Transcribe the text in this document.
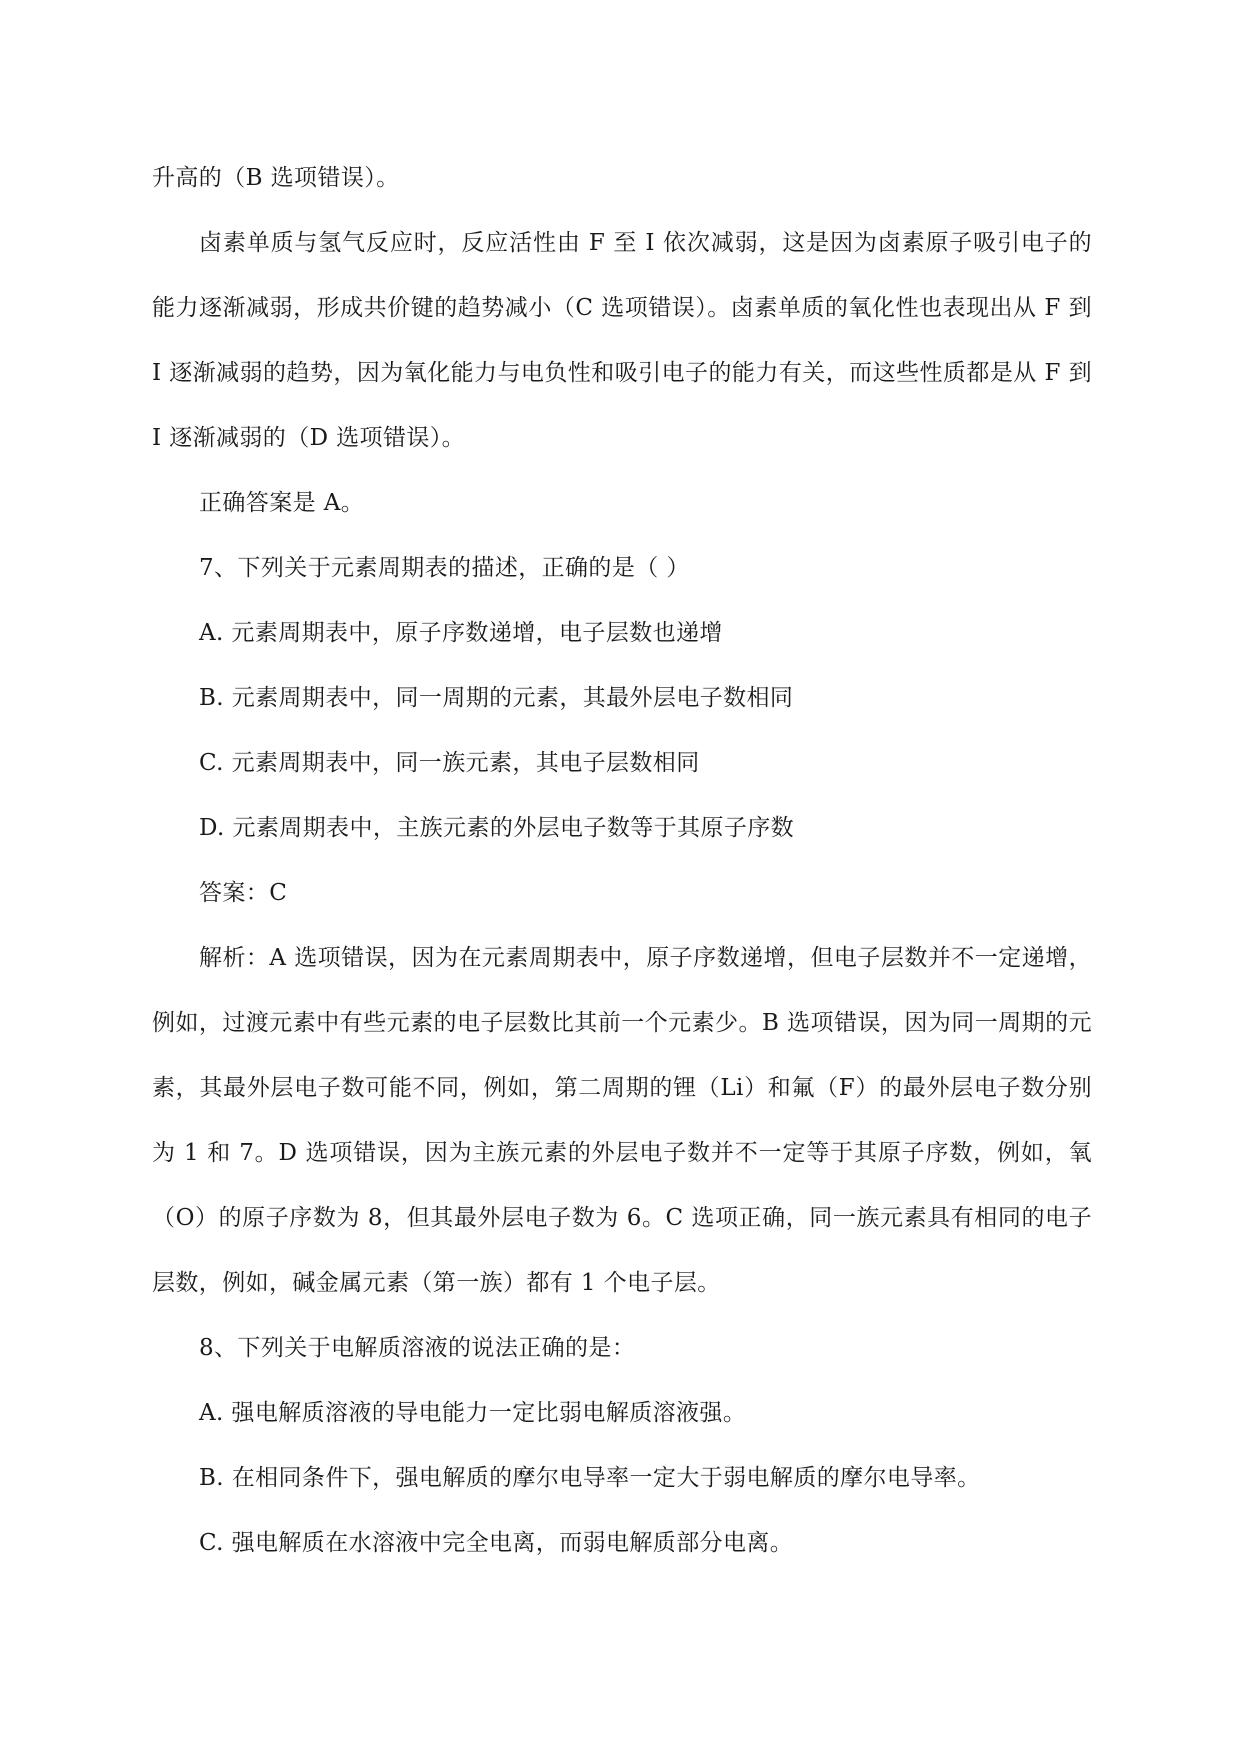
升高的（B 选项错误）。

卤素单质与氢气反应时，反应活性由 F 至 I 依次减弱，这是因为卤素原子吸引电子的能力逐渐减弱，形成共价键的趋势减小（C 选项错误）。卤素单质的氧化性也表现出从 F 到 I 逐渐减弱的趋势，因为氧化能力与电负性和吸引电子的能力有关，而这些性质都是从 F 到 I 逐渐减弱的（D 选项错误）。

正确答案是 A。

7、下列关于元素周期表的描述，正确的是（ ）

A. 元素周期表中，原子序数递增，电子层数也递增

B. 元素周期表中，同一周期的元素，其最外层电子数相同

C. 元素周期表中，同一族元素，其电子层数相同

D. 元素周期表中，主族元素的外层电子数等于其原子序数

答案：C

解析：A 选项错误，因为在元素周期表中，原子序数递增，但电子层数并不一定递增，例如，过渡元素中有些元素的电子层数比其前一个元素少。B 选项错误，因为同一周期的元素，其最外层电子数可能不同，例如，第二周期的锂（Li）和氟（F）的最外层电子数分别为 1 和 7。D 选项错误，因为主族元素的外层电子数并不一定等于其原子序数，例如，氧（O）的原子序数为 8，但其最外层电子数为 6。C 选项正确，同一族元素具有相同的电子层数，例如，碱金属元素（第一族）都有 1 个电子层。

8、下列关于电解质溶液的说法正确的是：

A. 强电解质溶液的导电能力一定比弱电解质溶液强。

B. 在相同条件下，强电解质的摩尔电导率一定大于弱电解质的摩尔电导率。

C. 强电解质在水溶液中完全电离，而弱电解质部分电离。
